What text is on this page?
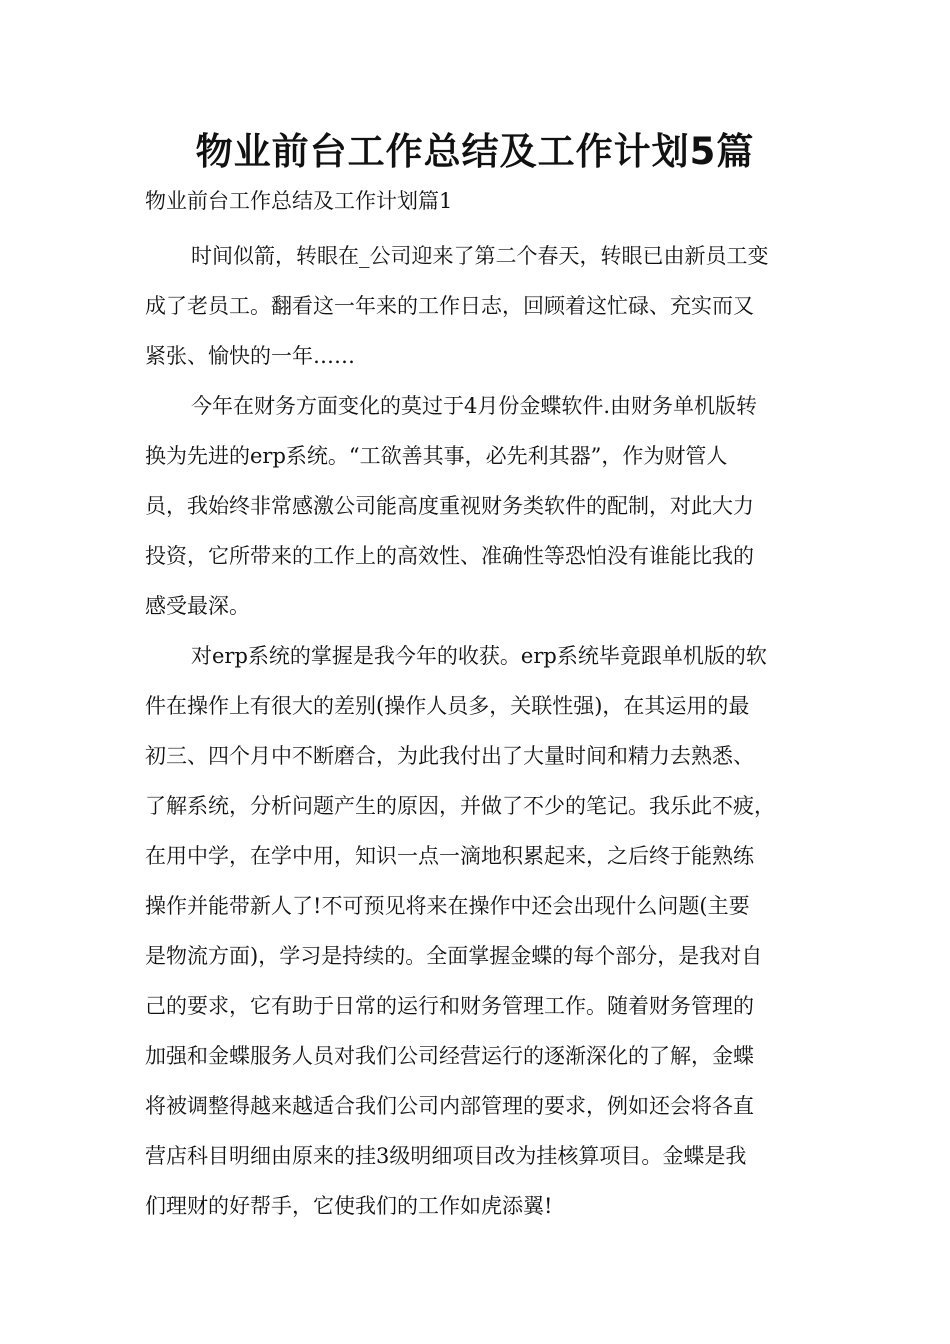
物业前台工作总结及工作计划5篇

物业前台工作总结及工作计划篇1

时间似箭，转眼在_公司迎来了第二个春天，转眼已由新员工变
成了老员工。翻看这一年来的工作日志，回顾着这忙碌、充实而又
紧张、愉快的一年……
今年在财务方面变化的莫过于4月份金蝶软件.由财务单机版转
换为先进的erp系统。“工欲善其事，必先利其器”，作为财管人
员，我始终非常感激公司能高度重视财务类软件的配制，对此大力
投资，它所带来的工作上的高效性、准确性等恐怕没有谁能比我的
感受最深。
对erp系统的掌握是我今年的收获。erp系统毕竟跟单机版的软
件在操作上有很大的差别(操作人员多，关联性强)，在其运用的最
初三、四个月中不断磨合，为此我付出了大量时间和精力去熟悉、
了解系统，分析问题产生的原因，并做了不少的笔记。我乐此不疲，
在用中学，在学中用，知识一点一滴地积累起来，之后终于能熟练
操作并能带新人了!不可预见将来在操作中还会出现什么问题(主要
是物流方面)，学习是持续的。全面掌握金蝶的每个部分，是我对自
己的要求，它有助于日常的运行和财务管理工作。随着财务管理的
加强和金蝶服务人员对我们公司经营运行的逐渐深化的了解，金蝶
将被调整得越来越适合我们公司内部管理的要求，例如还会将各直
营店科目明细由原来的挂3级明细项目改为挂核算项目。金蝶是我
们理财的好帮手，它使我们的工作如虎添翼!
